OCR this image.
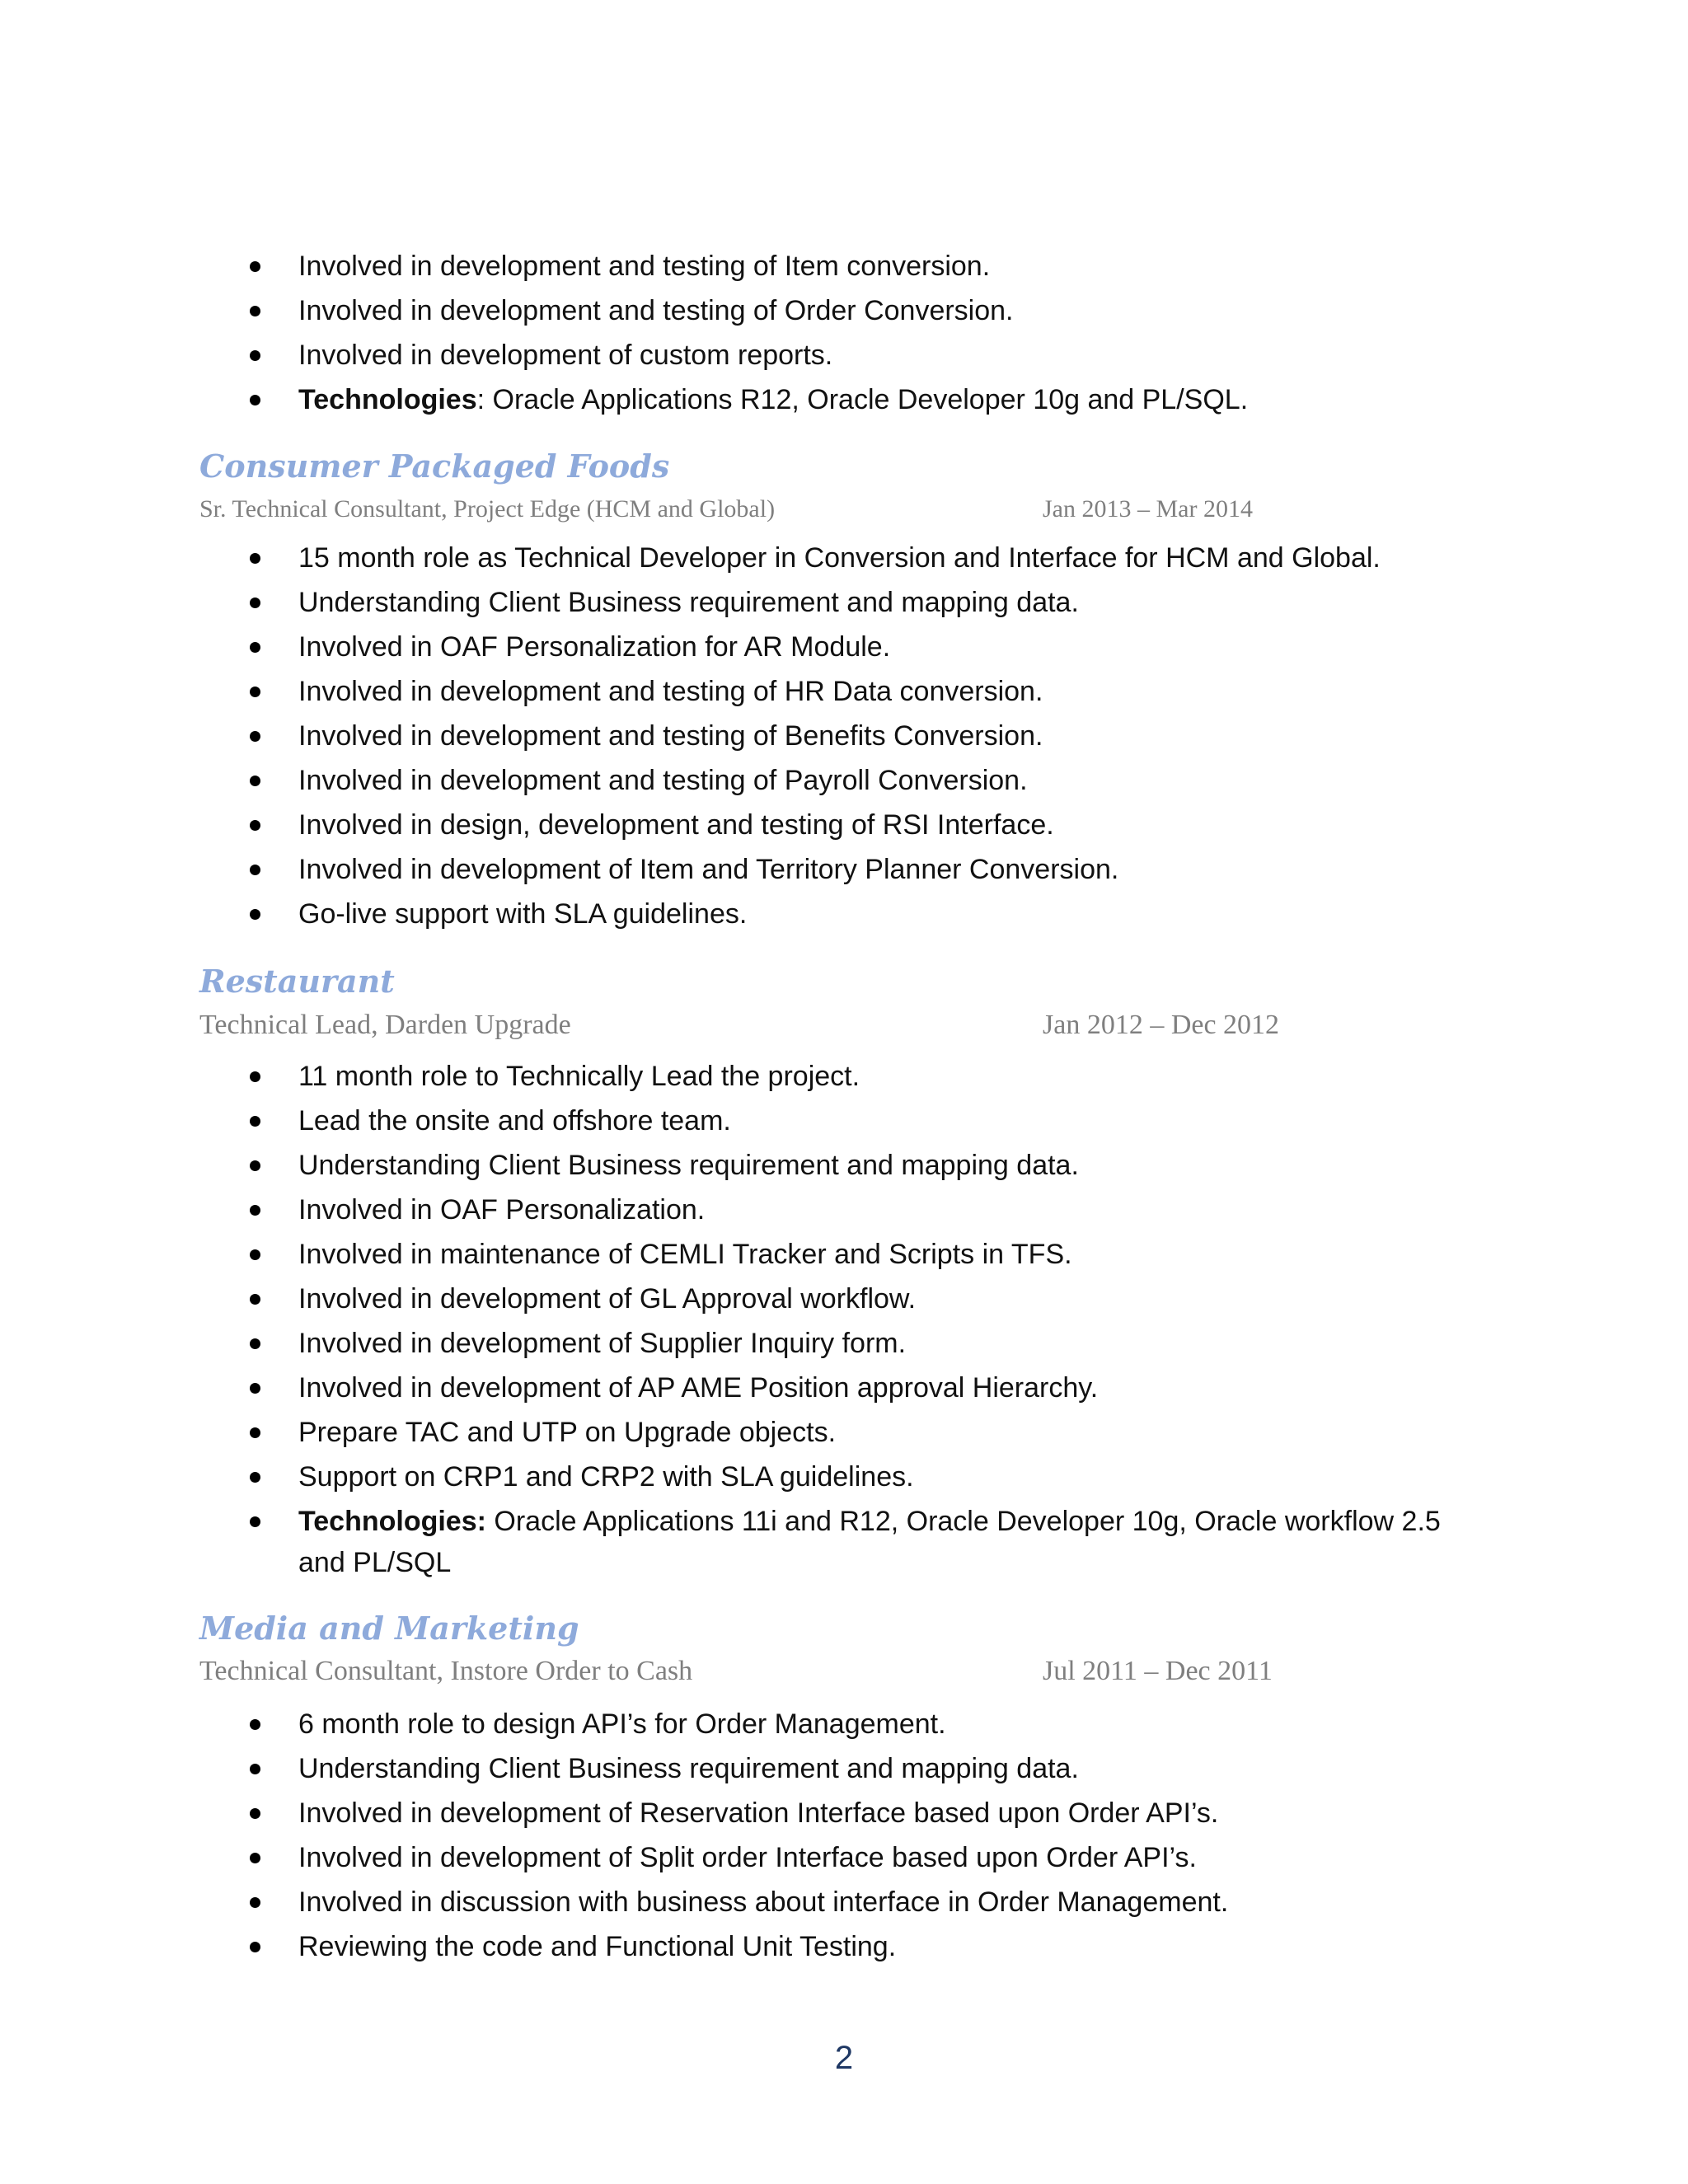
Involved in development and testing of Item conversion.
Involved in development and testing of Order Conversion.
Involved in development of custom reports.
Technologies: Oracle Applications R12, Oracle Developer 10g and PL/SQL.
Consumer Packaged Foods
Sr. Technical Consultant, Project Edge (HCM and Global)	Jan 2013 – Mar 2014
15 month role as Technical Developer in Conversion and Interface for HCM and Global.
Understanding Client Business requirement and mapping data.
Involved in OAF Personalization for AR Module.
Involved in development and testing of HR Data conversion.
Involved in development and testing of Benefits Conversion.
Involved in development and testing of Payroll Conversion.
Involved in design, development and testing of RSI Interface.
Involved in development of Item and Territory Planner Conversion.
Go-live support with SLA guidelines.
Restaurant
Technical Lead, Darden Upgrade	Jan 2012 – Dec 2012
11 month role to Technically Lead the project.
Lead the onsite and offshore team.
Understanding Client Business requirement and mapping data.
Involved in OAF Personalization.
Involved in maintenance of CEMLI Tracker and Scripts in TFS.
Involved in development of GL Approval workflow.
Involved in development of Supplier Inquiry form.
Involved in development of AP AME Position approval Hierarchy.
Prepare TAC and UTP on Upgrade objects.
Support on CRP1 and CRP2 with SLA guidelines.
Technologies: Oracle Applications 11i and R12, Oracle Developer 10g, Oracle workflow 2.5 and PL/SQL
Media and Marketing
Technical Consultant, Instore Order to Cash	Jul 2011 – Dec 2011
6 month role to design API’s for Order Management.
Understanding Client Business requirement and mapping data.
Involved in development of Reservation Interface based upon Order API’s.
Involved in development of Split order Interface based upon Order API’s.
Involved in discussion with business about interface in Order Management.
Reviewing the code and Functional Unit Testing.
2
